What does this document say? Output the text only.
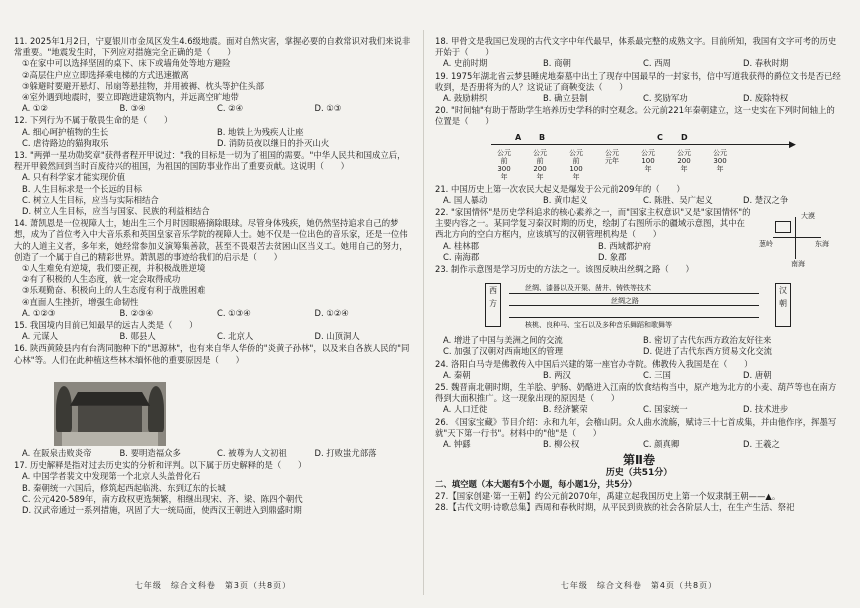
11. 2025年1月2日，宁夏银川市金凤区发生4.6级地震。面对自然灾害，掌握必要的自救常识对我们来说非常重要。"地震发生时，下列应对措施完全正确的是（　　）
①在家中可以选择坚固的桌下、床下或墙角处等地方避险
②高层住户应立即选择乘电梯的方式迅速撤离
③躲避时要避开悬灯、吊扇等悬挂物，并用被褥、枕头等护住头部
④室外遇到地震时，要立即跑进建筑物内，并远离空旷地带
A. ①②	B. ③④	C. ②④	D. ①③
12. 下列行为不属于敬畏生命的是（　　）
A. 细心呵护植物的生长	B. 地铁上为残疾人让座
C. 虐待路边的猫狗取乐	D. 消防员夜以继日的扑灭山火
13. "两弹一星功勋奖章"获得者程开甲说过："我的目标是一切为了祖国的需要。"中华人民共和国成立后，程开甲毅然回到当时百废待兴的祖国，为祖国的国防事业作出了重要贡献。这说明（　　）
A. 只有科学家才能实现价值
B. 人生目标求是一个长远的目标
C. 树立人生目标，应当与实际相结合
D. 树立人生目标，应当与国家、民族的利益相结合
14. 萧凯恩是一位视障人士，她出生三个月时因眼癌摘除眼球。尽管身体残疾，她仍然坚持追求自己的梦想，成为了首位考入中大音乐系和英国皇家音乐学院的视障人士。她不仅是一位出色的音乐家，还是一位伟大的人道主义者，多年来，她经常参加义演筹集善款，甚至不畏艰苦去贫困山区当义工。她用自己的努力，创造了一个属于自己的精彩世界。萧凯恩的事迹给我们的启示是（　　）
①人生难免有逆境，我们要正视，并积极战胜逆境
②有了积极的人生态度，就一定会取得成功
③乐观勤奋、积极向上的人生态度有利于战胜困难
④直面人生挫折，增强生命韧性
A. ①②③	B. ②③④	C. ①③④	D. ①②④
15. 我国境内目前已知最早的远古人类是（　　）
A. 元谋人	B. 郧县人	C. 北京人	D. 山顶洞人
16. 陕西黄陵县内有台湾同胞种下的"思源林"，也有来自华人华侨的"炎黄子孙林"，以及来自各族人民的"同心林"等。人们在此种植这些林木缅怀他的重要原因是（　　）
A. 在阪泉击败炎帝	B. 要明造福众多	C. 被尊为人文初祖	D. 打败蚩尤部落
17. 历史解释是指对过去历史实的分析和评判。以下属于历史解释的是（　　）
A. 中国学者裴文中发现第一个北京人头盖骨化石
B. 秦朝统一六国后，修筑起西起临洮、东到辽东的长城
C. 公元420-589年，南方政权更选频繁，相继出现宋、齐、梁、陈四个朝代
D. 汉武帝通过一系列措施，巩固了大一统局面，使西汉王朝进入到鼎盛时期
七年级　综合文科卷　第3页（共8页）
18. 甲骨文是我国已发现的古代文字中年代最早，体系最完整的成熟文字。目前所知，我国有文字可考的历史开始于（　　）
A. 史前时期	B. 商朝	C. 西周	D. 春秋时期
19. 1975年湖北省云梦县睡虎地秦墓中出土了现存中国最早的一封家书，信中写道我获得的爵位文书是否已经收到，是否册将为的人？这说证了商鞅变法（　　）
A. 鼓励耕织	B. 确立县制	C. 奖励军功	D. 废除特权
20. "时间轴"有助于帮助学生培养历史学科的时空观念。公元前221年秦朝建立，这一史实在下列时间轴上的位置是（　　）
▶
A B	C D
公元前300年
公元前200年
公元前100年
公元元年
公元100年
公元200年
公元300年
21. 中国历史上第一次农民大起义是爆发于公元前209年的（　　）
A. 国人暴动	B. 黄巾起义	C. 陈胜、吴广起义	D. 楚汉之争
22. "家国情怀"是历史学科追求的核心素养之一，而"国家主权意识"又是"家国情怀"的主要内容之一。某同学复习秦汉时期的历史，绘制了右图所示的疆域示意图，其中在西北方向的空白方框内，应该填写的汉朝管理机构是（　　）
大漠
葱岭	东海
南海
A. 桂林郡	B. 西域都护府
C. 南海郡	D. 象郡
23. 制作示意图是学习历史的方法之一。该图反映出丝绸之路（　　）
西方
汉朝
丝绸、漆器以及开渠、凿井、铸铁等技术
丝绸之路
核桃、良种马、宝石以及多种音乐舞蹈和歌舞等
A. 增进了中国与美洲之间的交流	B. 密切了古代东西方政治友好往来
C. 加强了汉朝对西南地区的管理	D. 促进了古代东西方贸易文化交流
24. 洛阳白马寺是佛教传入中国后兴建的第一座官办寺院。佛教传入我国是在（　　）
A. 秦朝	B. 两汉	C. 三国	D. 唐朝
25. 魏晋南北朝时期，生羊脍、驴肠、奶酪进入江南的饮食结构当中，原产地为北方的小麦、葫芦等也在南方得到大面积推广。这一现象出现的原因是（　　）
A. 人口迁徙	B. 经济繁荣	C. 国家统一	D. 技术进步
26. 《国家宝藏》节目介绍：永和九年，会稽山阴。众人曲水流觞，赋诗三十七首成集，并由他作序，挥墨写就"天下第一行书"。材料中的"他"是（　　）
A. 钟繇	B. 柳公权	C. 颜真卿	D. 王羲之
第Ⅱ卷
历史（共51分）
二、填空题（本大题有5个小题，每小题1分，共5分）
27.【国家创建·第一王朝】约公元前2070年，禹建立起我国历史上第一个奴隶制王朝——▲。
28.【古代文明·诗歌总集】西周和春秋时期，从平民到贵族的社会各阶层人士，在生产生活、祭祀
七年级　综合文科卷　第4页（共8页）
